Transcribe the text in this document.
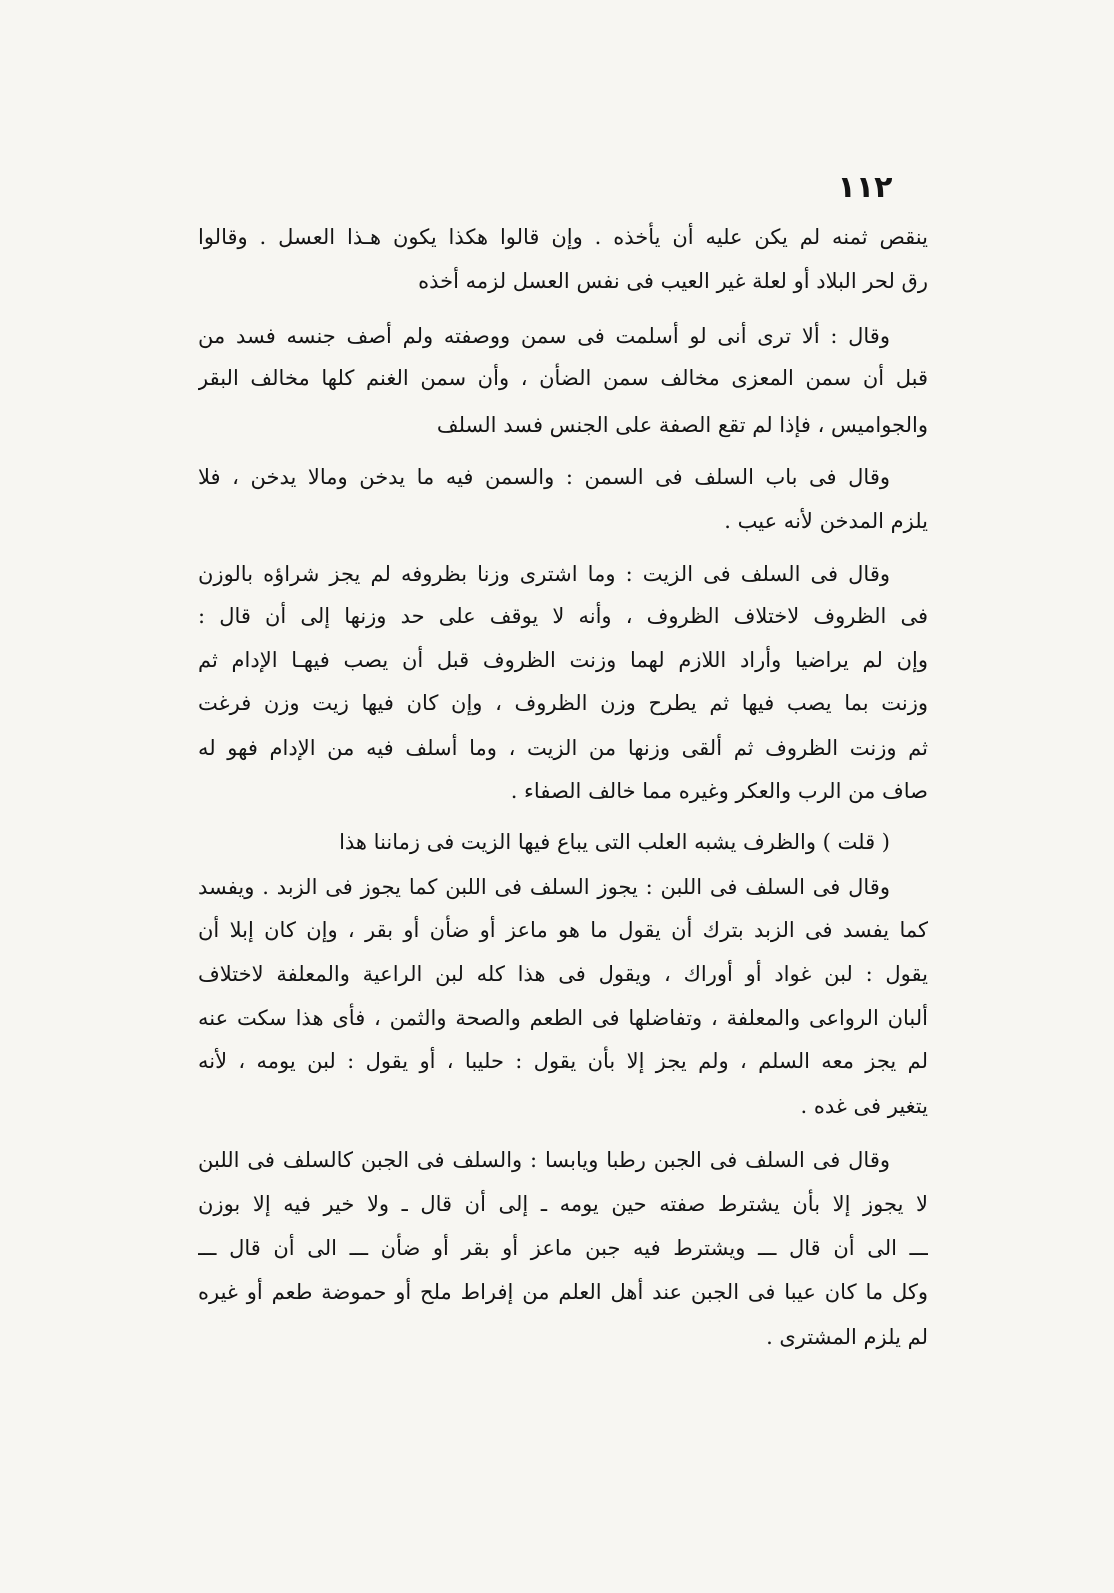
١١٢
ينقص ثمنه لم يكن عليه أن يأخذه . وإن قالوا هكذا يكون هـذا العسل . وقالوا
رق لحر البلاد أو لعلة غير العيب فى نفس العسل لزمه أخذه
وقال : ألا ترى أنى لو أسلمت فى سمن ووصفته ولم أصف جنسه فسد من
قبل أن سمن المعزى مخالف سمن الضأن ، وأن سمن الغنم كلها مخالف البقر
والجواميس ، فإذا لم تقع الصفة على الجنس فسد السلف
وقال فى باب السلف فى السمن : والسمن فيه ما يدخن ومالا يدخن ، فلا
يلزم المدخن لأنه عيب .
وقال فى السلف فى الزيت : وما اشترى وزنا بظروفه لم يجز شراؤه بالوزن
فى الظروف لاختلاف الظروف ، وأنه لا يوقف على حد وزنها إلى أن قال :
وإن لم يراضيا وأراد اللازم لهما وزنت الظروف قبل أن يصب فيهـا الإدام ثم
وزنت بما يصب فيها ثم يطرح وزن الظروف ، وإن كان فيها زيت وزن فرغت
ثم وزنت الظروف ثم ألقى وزنها من الزيت ، وما أسلف فيه من الإدام فهو له
صاف من الرب والعكر وغيره مما خالف الصفاء .
( قلت ) والظرف يشبه العلب التى يباع فيها الزيت فى زماننا هذا
وقال فى السلف فى اللبن : يجوز السلف فى اللبن كما يجوز فى الزبد . ويفسد
كما يفسد فى الزبد بترك أن يقول ما هو ماعز أو ضأن أو بقر ، وإن كان إبلا أن
يقول : لبن غواد أو أوراك ، ويقول فى هذا كله لبن الراعية والمعلفة لاختلاف
ألبان الرواعى والمعلفة ، وتفاضلها فى الطعم والصحة والثمن ، فأى هذا سكت عنه
لم يجز معه السلم ، ولم يجز إلا بأن يقول : حليبا ، أو يقول : لبن يومه ، لأنه
يتغير فى غده .
وقال فى السلف فى الجبن رطبا ويابسا : والسلف فى الجبن كالسلف فى اللبن
لا يجوز إلا بأن يشترط صفته حين يومه ـ إلى أن قال ـ ولا خير فيه إلا بوزن
ـــ الى أن قال ـــ ويشترط فيه جبن ماعز أو بقر أو ضأن ـــ الى أن قال ـــ
وكل ما كان عيبا فى الجبن عند أهل العلم من إفراط ملح أو حموضة طعم أو غيره
لم يلزم المشترى .
